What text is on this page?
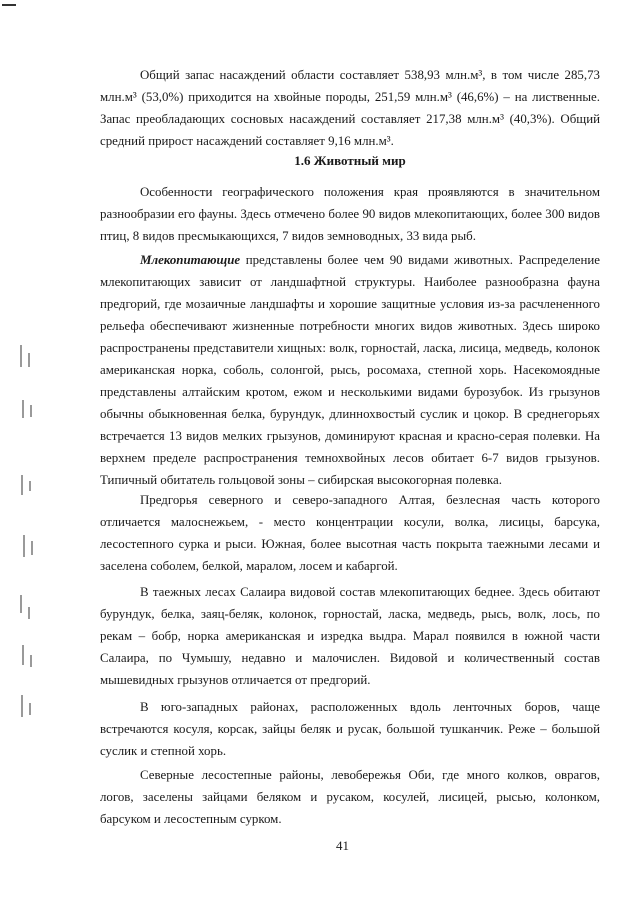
Общий запас насаждений области составляет 538,93 млн.м³, в том числе 285,73 млн.м³ (53,0%) приходится на хвойные породы, 251,59 млн.м³ (46,6%) – на лиственные. Запас преобладающих сосновых насаждений составляет 217,38 млн.м³ (40,3%). Общий средний прирост насаждений составляет 9,16 млн.м³.

1.6 Животный мир

Особенности географического положения края проявляются в значительном разнообразии его фауны. Здесь отмечено более 90 видов млекопитающих, более 300 видов птиц, 8 видов пресмыкающихся, 7 видов земноводных, 33 вида рыб.

Млекопитающие представлены более чем 90 видами животных. Распределение млекопитающих зависит от ландшафтной структуры. Наиболее разнообразна фауна предгорий, где мозаичные ландшафты и хорошие защитные условия из-за расчлененного рельефа обеспечивают жизненные потребности многих видов животных. Здесь широко распространены представители хищных: волк, горностай, ласка, лисица, медведь, колонок американская норка, соболь, солонгой, рысь, росомаха, степной хорь. Насекомоядные представлены алтайским кротом, ежом и несколькими видами бурозубок. Из грызунов обычны обыкновенная белка, бурундук, длиннохвостый суслик и цокор. В среднегорьях встречается 13 видов мелких грызунов, доминируют красная и красно-серая полевки. На верхнем пределе распространения темнохвойных лесов обитает 6-7 видов грызунов. Типичный обитатель гольцовой зоны – сибирская высокогорная полевка.

Предгорья северного и северо-западного Алтая, безлесная часть которого отличается малоснежьем, - место концентрации косули, волка, лисицы, барсука, лесостепного сурка и рыси. Южная, более высотная часть покрыта таежными лесами и заселена соболем, белкой, маралом, лосем и кабаргой.

В таежных лесах Салаира видовой состав млекопитающих беднее. Здесь обитают бурундук, белка, заяц-беляк, колонок, горностай, ласка, медведь, рысь, волк, лось, по рекам – бобр, норка американская и изредка выдра. Марал появился в южной части Салаира, по Чумышу, недавно и малочислен. Видовой и количественный состав мышевидных грызунов отличается от предгорий.

В юго-западных районах, расположенных вдоль ленточных боров, чаще встречаются косуля, корсак, зайцы беляк и русак, большой тушканчик. Реже – большой суслик и степной хорь.

Северные лесостепные районы, левобережья Оби, где много колков, оврагов, логов, заселены зайцами беляком и русаком, косулей, лисицей, рысью, колонком, барсуком и лесостепным сурком.

41
